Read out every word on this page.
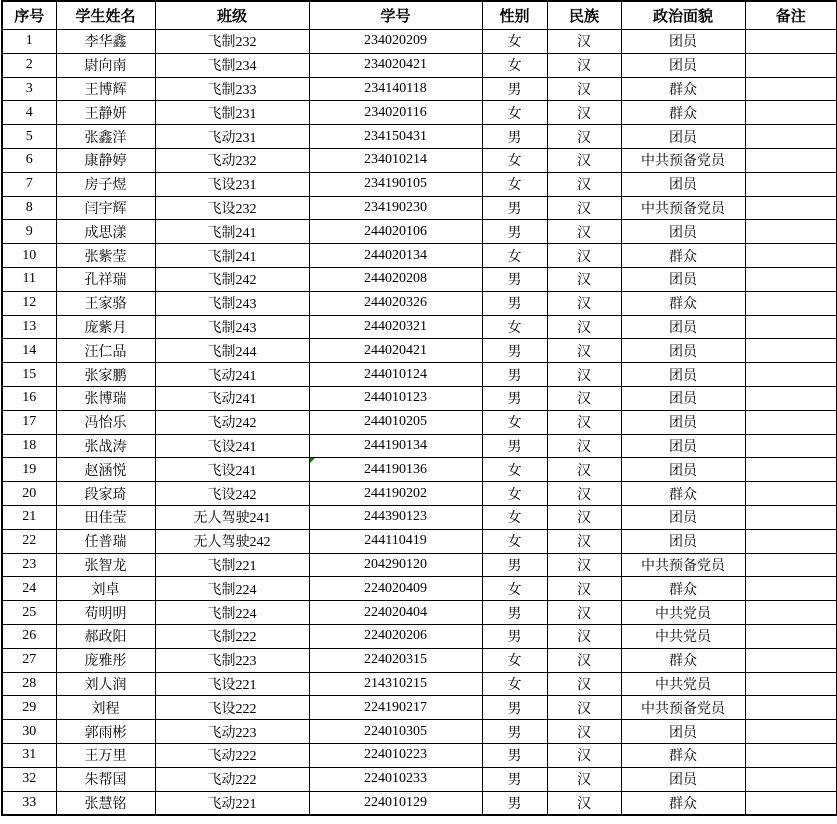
序号	学生姓名	班级	学号	性别	民族	政治面貌	备注
1	李华鑫	飞制232	234020209	女	汉	团员	
2	尉向南	飞制234	234020421	女	汉	团员	
3	王博辉	飞制233	234140118	男	汉	群众	
4	王静妍	飞制231	234020116	女	汉	群众	
5	张鑫洋	飞动231	234150431	男	汉	团员	
6	康静婷	飞动232	234010214	女	汉	中共预备党员	
7	房子煜	飞设231	234190105	女	汉	团员	
8	闫宇辉	飞设232	234190230	男	汉	中共预备党员	
9	成思漾	飞制241	244020106	男	汉	团员	
10	张紫莹	飞制241	244020134	女	汉	群众	
11	孔祥瑞	飞制242	244020208	男	汉	团员	
12	王家骆	飞制243	244020326	男	汉	群众	
13	庞紫月	飞制243	244020321	女	汉	团员	
14	汪仁品	飞制244	244020421	男	汉	团员	
15	张家鹏	飞动241	244010124	男	汉	团员	
16	张博瑞	飞动241	244010123	男	汉	团员	
17	冯怡乐	飞动242	244010205	女	汉	团员	
18	张战涛	飞设241	244190134	男	汉	团员	
19	赵涵悦	飞设241	244190136	女	汉	团员	
20	段家琦	飞设242	244190202	女	汉	群众	
21	田佳莹	无人驾驶241	244390123	女	汉	团员	
22	任普瑞	无人驾驶242	244110419	女	汉	团员	
23	张智龙	飞制221	204290120	男	汉	中共预备党员	
24	刘卓	飞制224	224020409	女	汉	群众	
25	苟明明	飞制224	224020404	男	汉	中共党员	
26	郝政阳	飞制222	224020206	男	汉	中共党员	
27	庞雅彤	飞制223	224020315	女	汉	群众	
28	刘人润	飞设221	214310215	女	汉	中共党员	
29	刘程	飞设222	224190217	男	汉	中共预备党员	
30	郭雨彬	飞动223	224010305	男	汉	团员	
31	王万里	飞动222	224010223	男	汉	群众	
32	朱帮国	飞动222	224010233	男	汉	团员	
33	张慧铭	飞动221	224010129	男	汉	群众	
